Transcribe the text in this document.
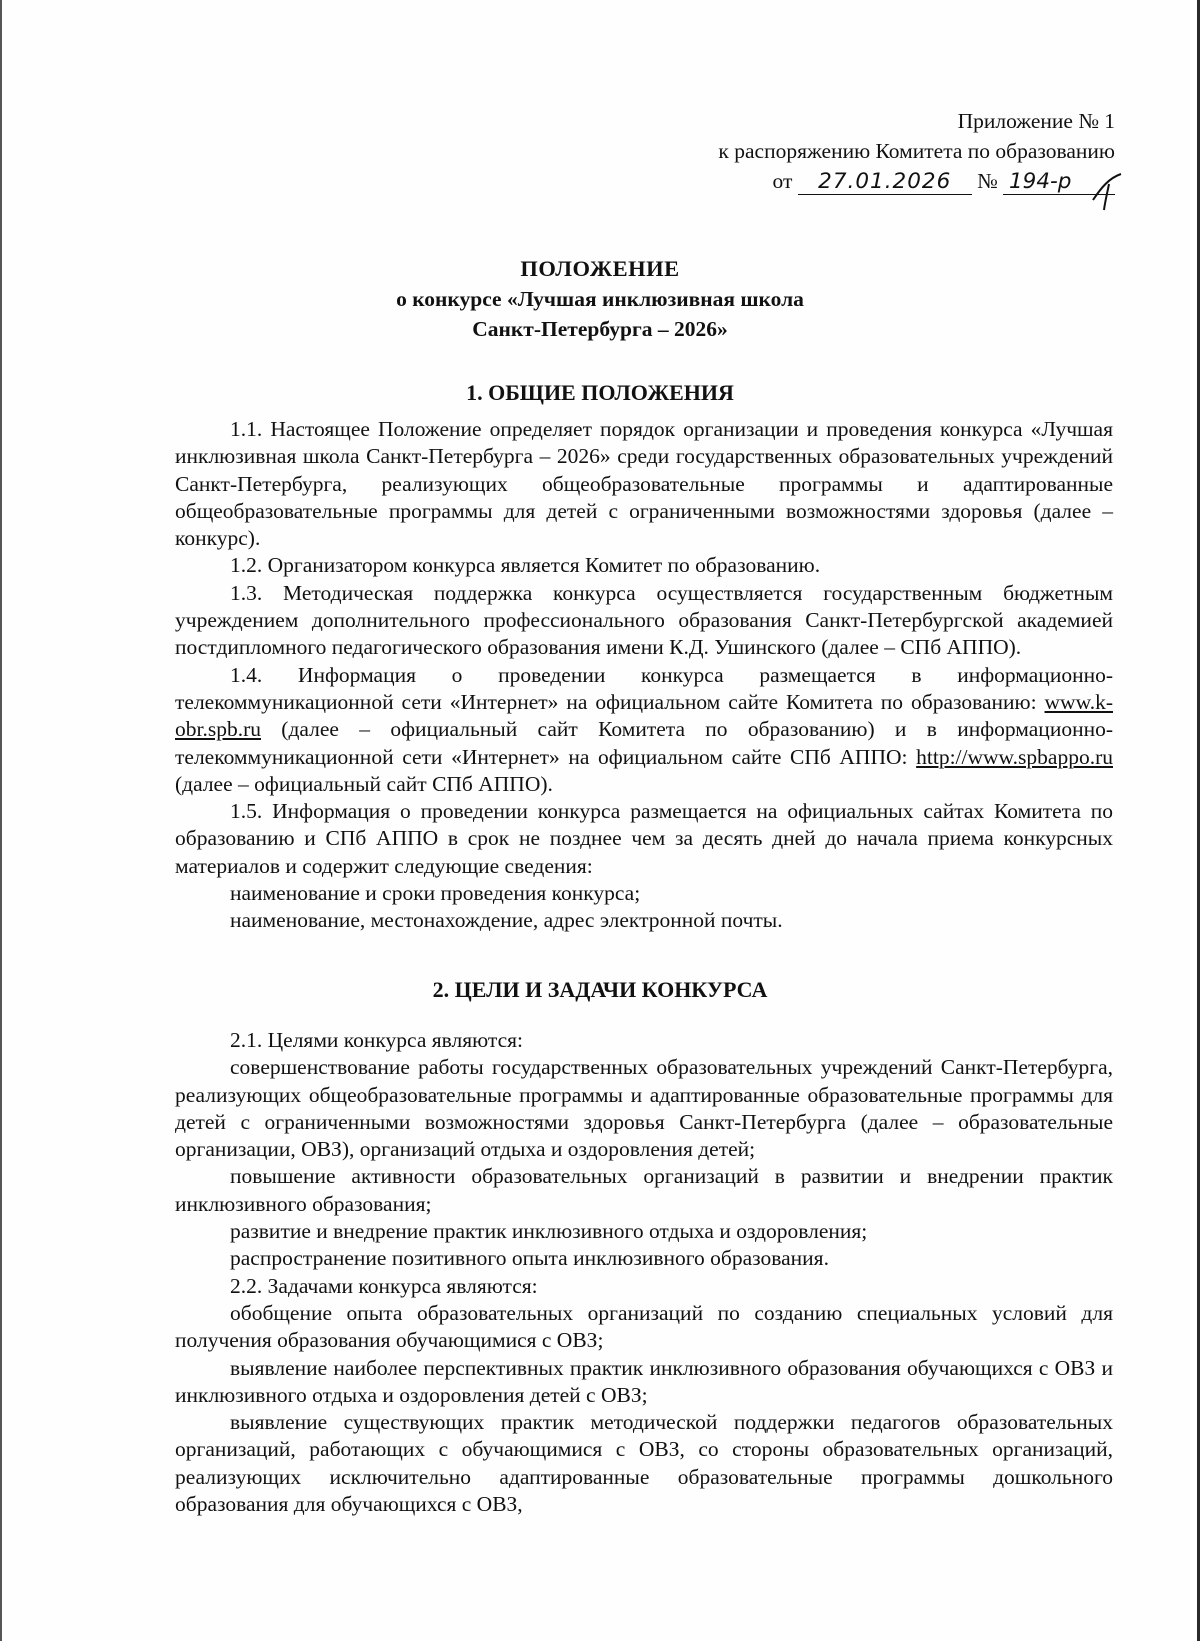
Приложение № 1
к распоряжению Комитета по образованию
от 27.01.2026 № 194-р
ПОЛОЖЕНИЕ
о конкурсе «Лучшая инклюзивная школа
Санкт-Петербурга – 2026»
1. ОБЩИЕ ПОЛОЖЕНИЯ

1.1. Настоящее Положение определяет порядок организации и проведения конкурса «Лучшая инклюзивная школа Санкт-Петербурга – 2026» среди государственных образовательных учреждений Санкт-Петербурга, реализующих общеобразовательные программы и адаптированные общеобразовательные программы для детей с ограниченными возможностями здоровья (далее – конкурс).

1.2. Организатором конкурса является Комитет по образованию.

1.3. Методическая поддержка конкурса осуществляется государственным бюджетным учреждением дополнительного профессионального образования Санкт-Петербургской академией постдипломного педагогического образования имени К.Д. Ушинского (далее – СПб АППО).

1.4. Информация о проведении конкурса размещается в информационно-телекоммуникационной сети «Интернет» на официальном сайте Комитета по образованию: www.k-obr.spb.ru (далее – официальный сайт Комитета по образованию) и в информационно-телекоммуникационной сети «Интернет» на официальном сайте СПб АППО: http://www.spbappo.ru (далее – официальный сайт СПб АППО).

1.5. Информация о проведении конкурса размещается на официальных сайтах Комитета по образованию и СПб АППО в срок не позднее чем за десять дней до начала приема конкурсных материалов и содержит следующие сведения:

наименование и сроки проведения конкурса;

наименование, местонахождение, адрес электронной почты.

2. ЦЕЛИ И ЗАДАЧИ КОНКУРСА

2.1. Целями конкурса являются:

совершенствование работы государственных образовательных учреждений Санкт-Петербурга, реализующих общеобразовательные программы и адаптированные образовательные программы для детей с ограниченными возможностями здоровья Санкт-Петербурга (далее – образовательные организации, ОВЗ), организаций отдыха и оздоровления детей;

повышение активности образовательных организаций в развитии и внедрении практик инклюзивного образования;

развитие и внедрение практик инклюзивного отдыха и оздоровления;

распространение позитивного опыта инклюзивного образования.

2.2. Задачами конкурса являются:

обобщение опыта образовательных организаций по созданию специальных условий для получения образования обучающимися с ОВЗ;

выявление наиболее перспективных практик инклюзивного образования обучающихся с ОВЗ и инклюзивного отдыха и оздоровления детей с ОВЗ;

выявление существующих практик методической поддержки педагогов образовательных организаций, работающих с обучающимися с ОВЗ, со стороны образовательных организаций, реализующих исключительно адаптированные образовательные программы дошкольного образования для обучающихся с ОВЗ,
